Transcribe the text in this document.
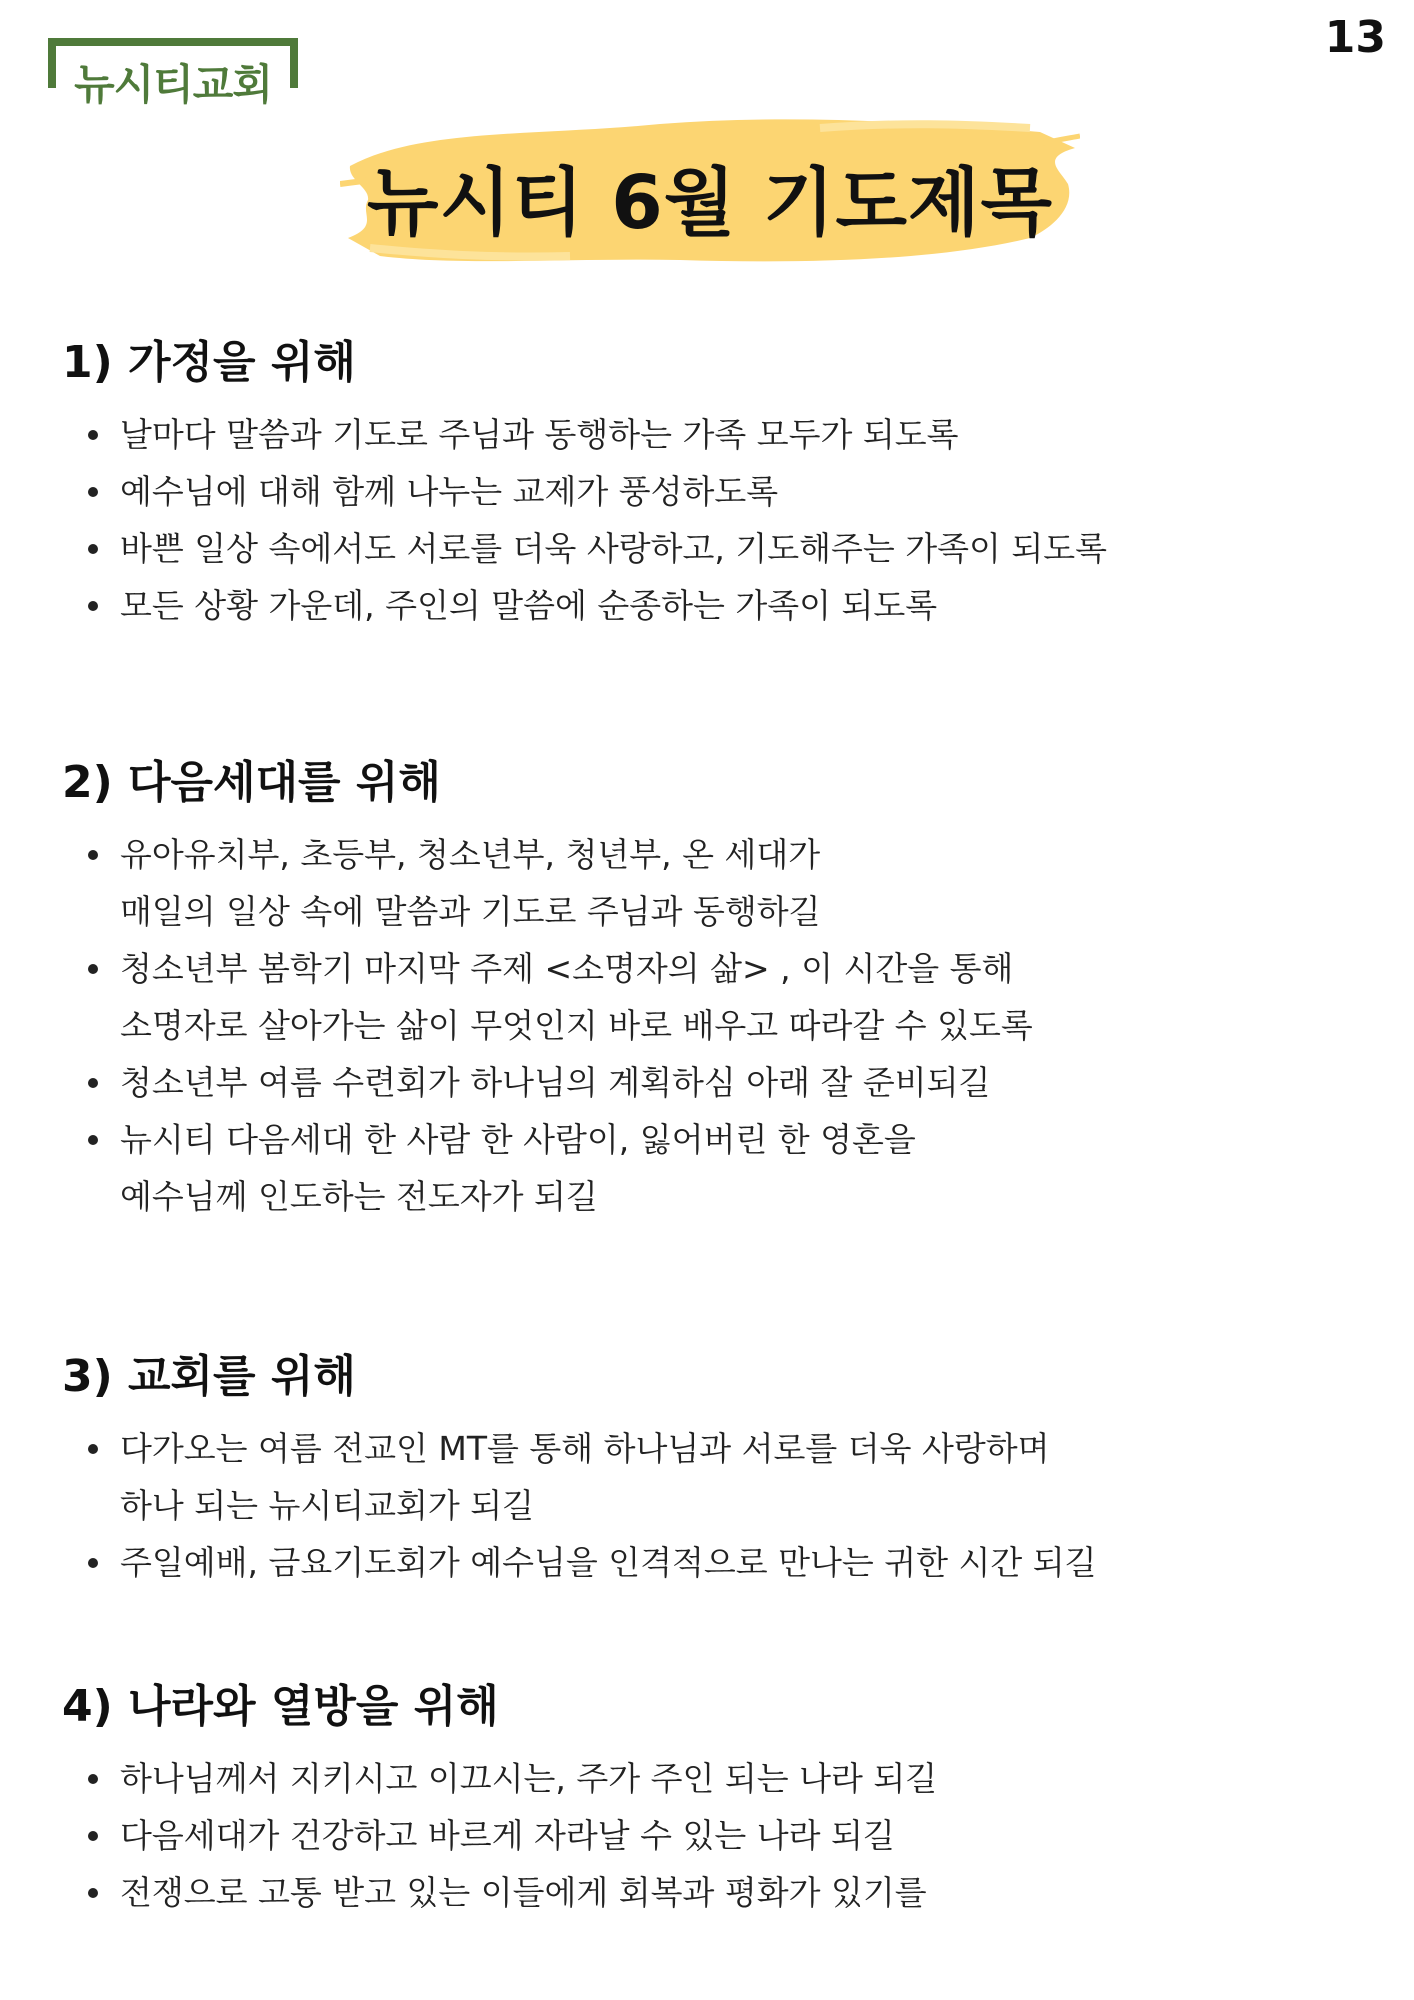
13
뉴시티교회
뉴시티 6월 기도제목
1) 가정을 위해
날마다 말씀과 기도로 주님과 동행하는 가족 모두가 되도록
예수님에 대해 함께 나누는 교제가 풍성하도록
바쁜 일상 속에서도 서로를 더욱 사랑하고, 기도해주는 가족이 되도록
모든 상황 가운데, 주인의 말씀에 순종하는 가족이 되도록
2) 다음세대를 위해
유아유치부, 초등부, 청소년부, 청년부, 온 세대가
매일의 일상 속에 말씀과 기도로 주님과 동행하길
청소년부 봄학기 마지막 주제 <소명자의 삶> , 이 시간을 통해
소명자로 살아가는 삶이 무엇인지 바로 배우고 따라갈 수 있도록
청소년부 여름 수련회가 하나님의 계획하심 아래 잘 준비되길
뉴시티 다음세대 한 사람 한 사람이, 잃어버린 한 영혼을
예수님께 인도하는 전도자가 되길
3) 교회를 위해
다가오는 여름 전교인 MT를 통해 하나님과 서로를 더욱 사랑하며
하나 되는 뉴시티교회가 되길
주일예배, 금요기도회가 예수님을 인격적으로 만나는 귀한 시간 되길
4) 나라와 열방을 위해
하나님께서 지키시고 이끄시는, 주가 주인 되는 나라 되길
다음세대가 건강하고 바르게 자라날 수 있는 나라 되길
전쟁으로 고통 받고 있는 이들에게 회복과 평화가 있기를
